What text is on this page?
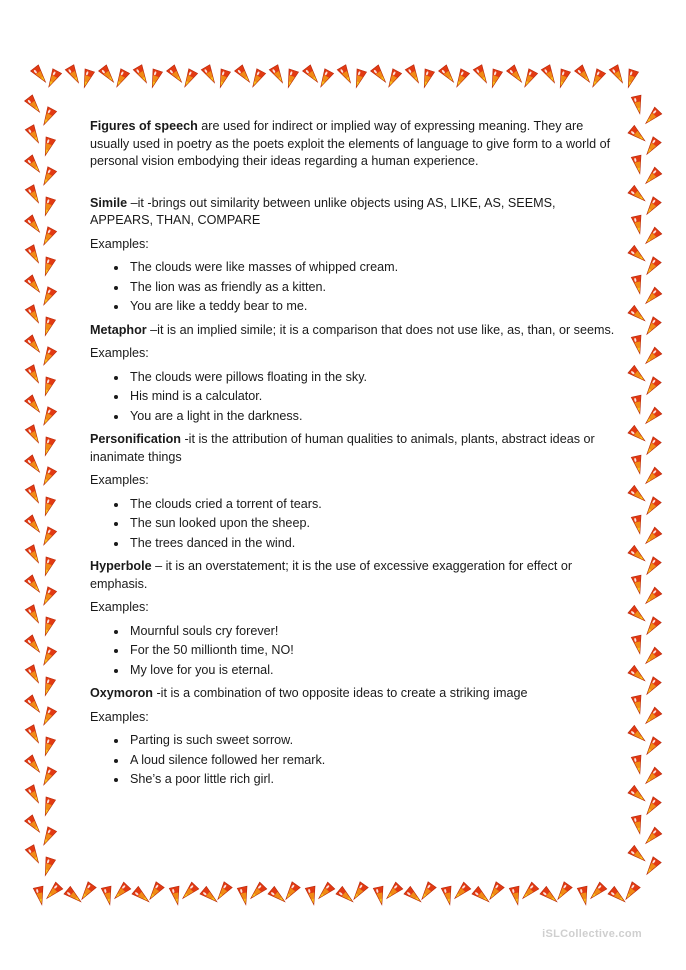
Figures of speech are used for indirect or implied way of expressing meaning. They are usually used in poetry as the poets exploit the elements of language to give form to a world of personal vision embodying their ideas regarding a human experience.

Simile –it -brings out similarity between unlike objects using AS, LIKE, AS, SEEMS, APPEARS, THAN, COMPARE

Examples:

• The clouds were like masses of whipped cream.
• The lion was as friendly as a kitten.
• You are like a teddy bear to me.

Metaphor –it is an implied simile; it is a comparison that does not use like, as, than, or seems.

Examples:

• The clouds were pillows floating in the sky.
• His mind is a calculator.
• You are a light in the darkness.

Personification -it is the attribution of human qualities to animals, plants, abstract ideas or inanimate things

Examples:

• The clouds cried a torrent of tears.
• The sun looked upon the sheep.
• The trees danced in the wind.

Hyperbole – it is an overstatement; it is the use of excessive exaggeration for effect or emphasis.

Examples:

• Mournful souls cry forever!
• For the 50 millionth time, NO!
• My love for you is eternal.

Oxymoron -it is a combination of two opposite ideas to create a striking image

Examples:

• Parting is such sweet sorrow.
• A loud silence followed her remark.
• She’s a poor little rich girl.
iSLCollective.com
